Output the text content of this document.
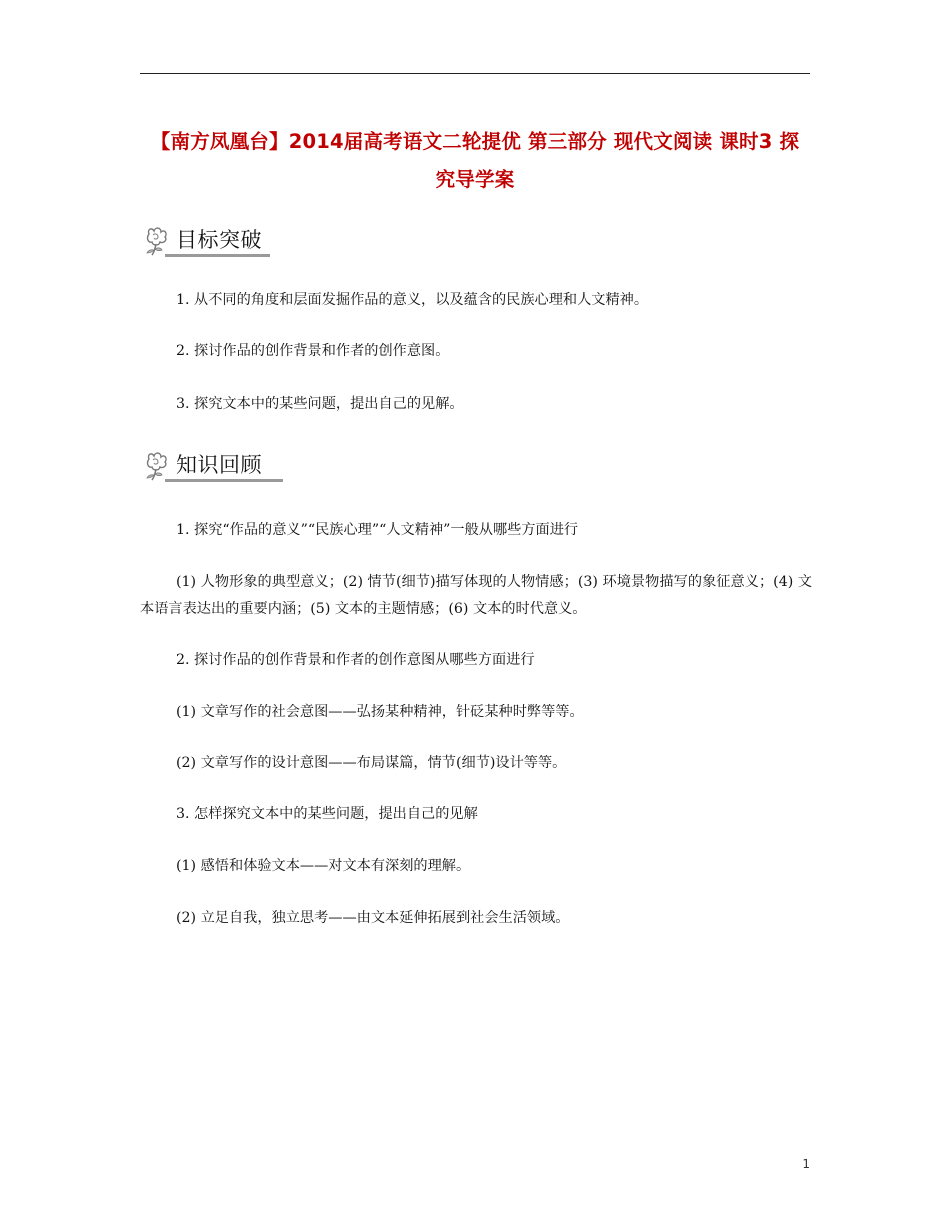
【南方凤凰台】2014届高考语文二轮提优 第三部分 现代文阅读 课时3 探 究导学案
目标突破
1. 从不同的角度和层面发掘作品的意义，以及蕴含的民族心理和人文精神。
2. 探讨作品的创作背景和作者的创作意图。
3. 探究文本中的某些问题，提出自己的见解。
知识回顾
1. 探究“作品的意义”“民族心理”“人文精神”一般从哪些方面进行
(1) 人物形象的典型意义；(2) 情节(细节)描写体现的人物情感；(3) 环境景物描写的象征意义；(4) 文本语言表达出的重要内涵；(5) 文本的主题情感；(6) 文本的时代意义。
2. 探讨作品的创作背景和作者的创作意图从哪些方面进行
(1) 文章写作的社会意图——弘扬某种精神，针砭某种时弊等等。
(2) 文章写作的设计意图——布局谋篇，情节(细节)设计等等。
3. 怎样探究文本中的某些问题，提出自己的见解
(1) 感悟和体验文本——对文本有深刻的理解。
(2) 立足自我，独立思考——由文本延伸拓展到社会生活领域。
1
